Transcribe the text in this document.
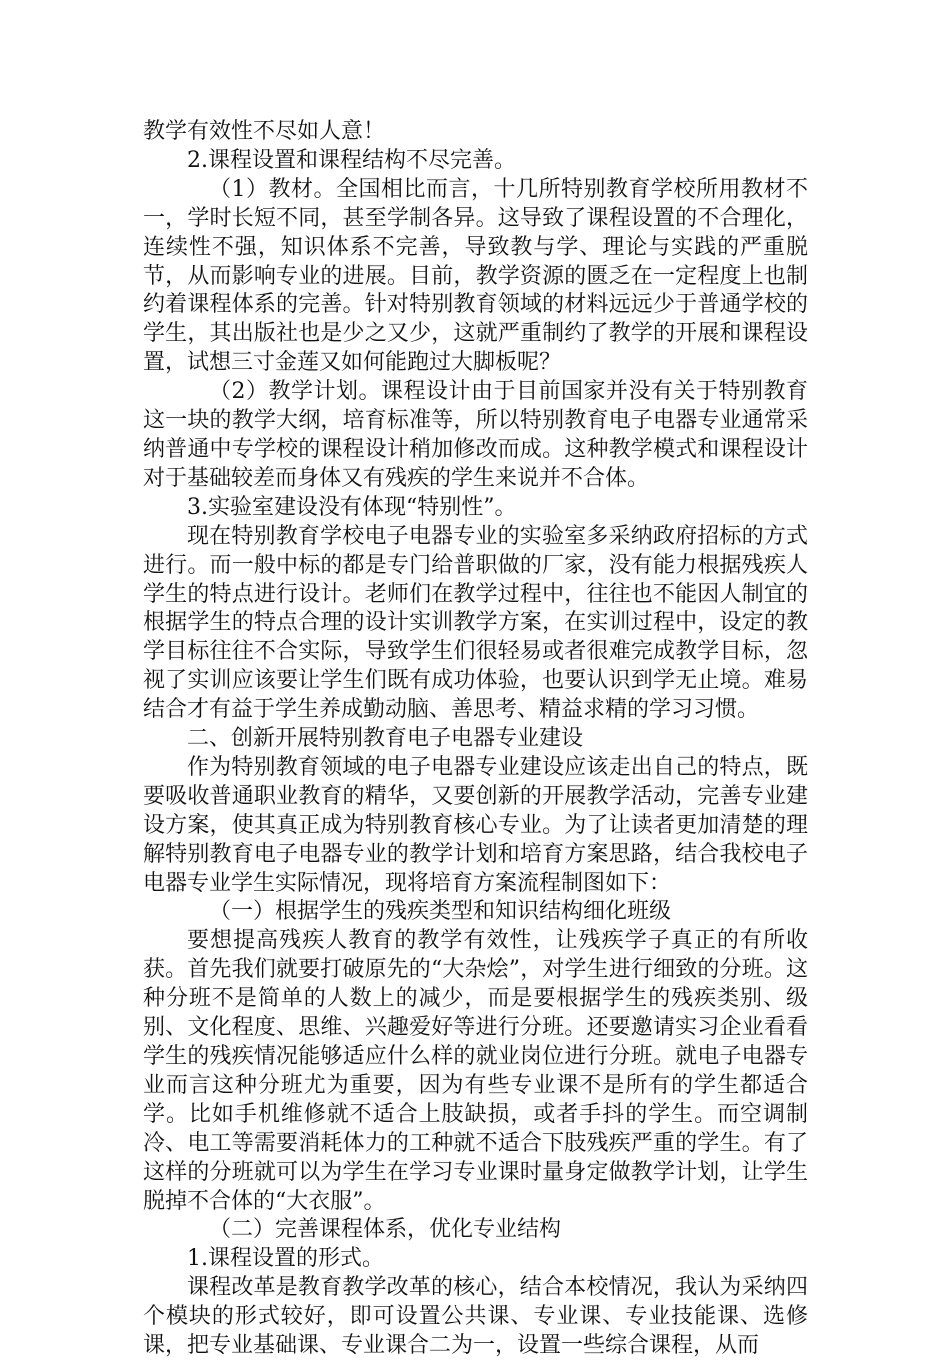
教学有效性不尽如人意！

2.课程设置和课程结构不尽完善。

（1）教材。全国相比而言，十几所特别教育学校所用教材不一，学时长短不同，甚至学制各异。这导致了课程设置的不合理化，连续性不强，知识体系不完善，导致教与学、理论与实践的严重脱节，从而影响专业的进展。目前，教学资源的匮乏在一定程度上也制约着课程体系的完善。针对特别教育领域的材料远远少于普通学校的学生，其出版社也是少之又少，这就严重制约了教学的开展和课程设置，试想三寸金莲又如何能跑过大脚板呢？

（2）教学计划。课程设计由于目前国家并没有关于特别教育这一块的教学大纲，培育标准等，所以特别教育电子电器专业通常采纳普通中专学校的课程设计稍加修改而成。这种教学模式和课程设计对于基础较差而身体又有残疾的学生来说并不合体。

3.实验室建设没有体现“特别性”。

现在特别教育学校电子电器专业的实验室多采纳政府招标的方式进行。而一般中标的都是专门给普职做的厂家，没有能力根据残疾人学生的特点进行设计。老师们在教学过程中，往往也不能因人制宜的根据学生的特点合理的设计实训教学方案，在实训过程中，设定的教学目标往往不合实际，导致学生们很轻易或者很难完成教学目标，忽视了实训应该要让学生们既有成功体验，也要认识到学无止境。难易结合才有益于学生养成勤动脑、善思考、精益求精的学习习惯。

二、创新开展特别教育电子电器专业建设

作为特别教育领域的电子电器专业建设应该走出自己的特点，既要吸收普通职业教育的精华，又要创新的开展教学活动，完善专业建设方案，使其真正成为特别教育核心专业。为了让读者更加清楚的理解特别教育电子电器专业的教学计划和培育方案思路，结合我校电子电器专业学生实际情况，现将培育方案流程制图如下：

（一）根据学生的残疾类型和知识结构细化班级

要想提高残疾人教育的教学有效性，让残疾学子真正的有所收获。首先我们就要打破原先的“大杂烩”，对学生进行细致的分班。这种分班不是简单的人数上的减少，而是要根据学生的残疾类别、级别、文化程度、思维、兴趣爱好等进行分班。还要邀请实习企业看看学生的残疾情况能够适应什么样的就业岗位进行分班。就电子电器专业而言这种分班尤为重要，因为有些专业课不是所有的学生都适合学。比如手机维修就不适合上肢缺损，或者手抖的学生。而空调制冷、电工等需要消耗体力的工种就不适合下肢残疾严重的学生。有了这样的分班就可以为学生在学习专业课时量身定做教学计划，让学生脱掉不合体的“大衣服”。

（二）完善课程体系，优化专业结构

1.课程设置的形式。

课程改革是教育教学改革的核心，结合本校情况，我认为采纳四个模块的形式较好，即可设置公共课、专业课、专业技能课、选修课，把专业基础课、专业课合二为一，设置一些综合课程，从而
